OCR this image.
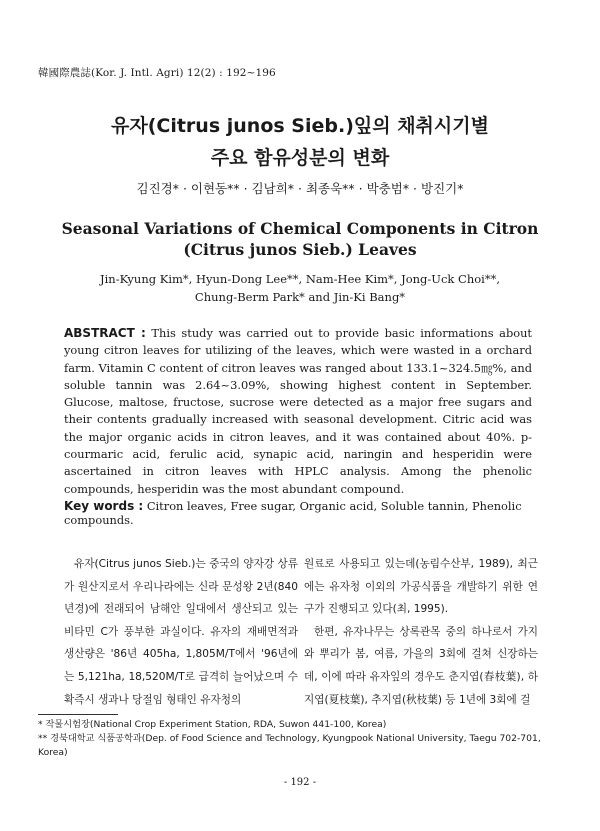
韓國際農誌(Kor. J. Intl. Agri) 12(2) : 192~196
유자(Citrus junos Sieb.)잎의 채취시기별
주요 함유성분의 변화
김진경* · 이현동** · 김남희* · 최종욱** · 박충범* · 방진기*
Seasonal Variations of Chemical Components in Citron
(Citrus junos Sieb.) Leaves
Jin-Kyung Kim*, Hyun-Dong Lee**, Nam-Hee Kim*, Jong-Uck Choi**,
Chung-Berm Park* and Jin-Ki Bang*
ABSTRACT : This study was carried out to provide basic informations about young citron leaves for utilizing of the leaves, which were wasted in a orchard farm. Vitamin C content of citron leaves was ranged about 133.1~324.5㎎%, and soluble tannin was 2.64~3.09%, showing highest content in September. Glucose, maltose, fructose, sucrose were detected as a major free sugars and their contents gradually increased with seasonal development. Citric acid was the major organic acids in citron leaves, and it was contained about 40%. p-courmaric acid, ferulic acid, synapic acid, naringin and hesperidin were ascertained in citron leaves with HPLC analysis. Among the phenolic compounds, hesperidin was the most abundant compound.
Key words : Citron leaves, Free sugar, Organic acid, Soluble tannin, Phenolic compounds.

유자(Citrus junos Sieb.)는 중국의 양자강 상류가 원산지로서 우리나라에는 신라 문성왕 2년(840년경)에 전래되어 남해안 일대에서 생산되고 있는 비타민 C가 풍부한 과실이다. 유자의 재배면적과 생산량은 '86년 405ha, 1,805M/T에서 '96년에는 5,121ha, 18,520M/T로 급격히 늘어났으며 수확즉시 생과나 당절임 형태인 유자청의

원료로 사용되고 있는데(농림수산부, 1989), 최근에는 유자청 이외의 가공식품을 개발하기 위한 연구가 진행되고 있다(최, 1995).

한편, 유자나무는 상록관목 중의 하나로서 가지와 뿌리가 봄, 여름, 가을의 3회에 걸쳐 신장하는데, 이에 따라 유자잎의 경우도 춘지엽(春枝葉), 하지엽(夏枝葉), 추지엽(秋枝葉) 등 1년에 3회에 걸

* 작물시험장(National Crop Experiment Station, RDA, Suwon 441-100, Korea)

** 경북대학교 식품공학과(Dep. of Food Science and Technology, Kyungpook National University, Taegu 702-701, Korea)

- 192 -
